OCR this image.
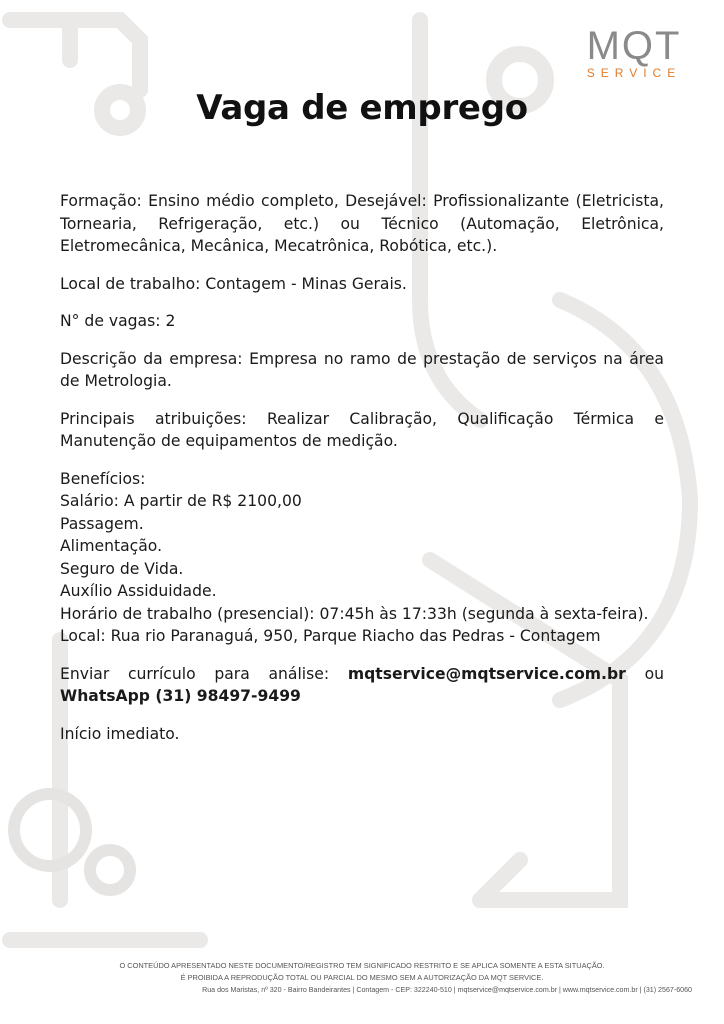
MQT
SERVICE
Vaga de emprego

Formação: Ensino médio completo, Desejável: Profissionalizante (Eletricista, Tornearia, Refrigeração, etc.) ou Técnico (Automação, Eletrônica, Eletromecânica, Mecânica, Mecatrônica, Robótica, etc.).

Local de trabalho: Contagem - Minas Gerais.

N° de vagas: 2

Descrição da empresa: Empresa no ramo de prestação de serviços na área de Metrologia.

Principais atribuições: Realizar Calibração, Qualificação Térmica e Manutenção de equipamentos de medição.

Benefícios:
Salário: A partir de R$ 2100,00
Passagem.
Alimentação.
Seguro de Vida.
Auxílio Assiduidade.
Horário de trabalho (presencial): 07:45h às 17:33h (segunda à sexta-feira).
Local: Rua rio Paranaguá, 950, Parque Riacho das Pedras - Contagem

Enviar currículo para análise: mqtservice@mqtservice.com.br ou WhatsApp (31) 98497-9499

Início imediato.

O CONTEÚDO APRESENTADO NESTE DOCUMENTO/REGISTRO TEM SIGNIFICADO RESTRITO E SE APLICA SOMENTE A ESTA SITUAÇÃO.
É PROIBIDA A REPRODUÇÃO TOTAL OU PARCIAL DO MESMO SEM A AUTORIZAÇÃO DA MQT SERVICE.
Rua dos Maristas, nº 320 - Bairro Bandeirantes | Contagem - CEP: 322240-510 | mqtservice@mqtservice.com.br | www.mqtservice.com.br | (31) 2567-6060
